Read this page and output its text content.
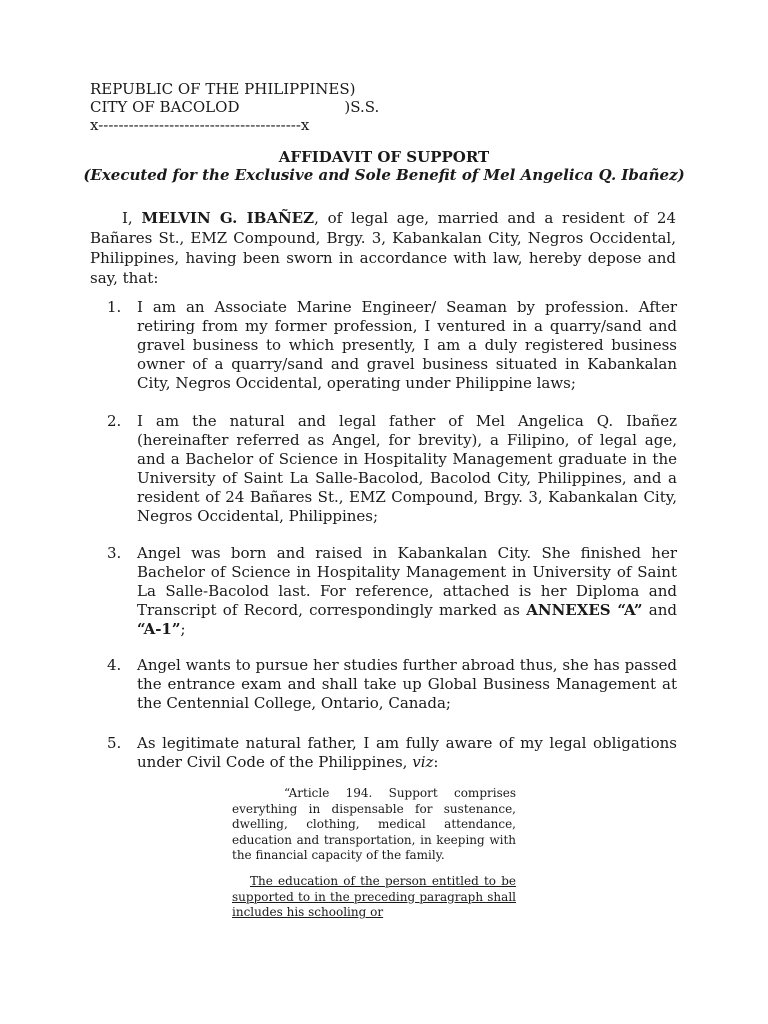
REPUBLIC OF THE PHILIPPINES)
CITY OF BACOLOD                      )S.S.
x----------------------------------------x
AFFIDAVIT OF SUPPORT
(Executed for the Exclusive and Sole Benefit of Mel Angelica Q. Ibañez)

I, MELVIN G. IBAÑEZ, of legal age, married and a resident of 24 Bañares St., EMZ Compound, Brgy. 3, Kabankalan City, Negros Occidental, Philippines, having been sworn in accordance with law, hereby depose and say, that:

1. I am an Associate Marine Engineer/ Seaman by profession. After retiring from my former profession, I ventured in a quarry/sand and gravel business to which presently, I am a duly registered business owner of a quarry/sand and gravel business situated in Kabankalan City, Negros Occidental, operating under Philippine laws;
2. I am the natural and legal father of Mel Angelica Q. Ibañez (hereinafter referred as Angel, for brevity), a Filipino, of legal age, and a Bachelor of Science in Hospitality Management graduate in the University of Saint La Salle-Bacolod, Bacolod City, Philippines, and a resident of 24 Bañares St., EMZ Compound, Brgy. 3, Kabankalan City, Negros Occidental, Philippines;
3. Angel was born and raised in Kabankalan City. She finished her Bachelor of Science in Hospitality Management in University of Saint La Salle-Bacolod last. For reference, attached is her Diploma and Transcript of Record, correspondingly marked as ANNEXES “A” and “A-1”;
4. Angel wants to pursue her studies further abroad thus, she has passed the entrance exam and shall take up Global Business Management at the Centennial College, Ontario, Canada;
5. As legitimate natural father, I am fully aware of my legal obligations under Civil Code of the Philippines, viz:
“Article 194. Support comprises everything in dispensable for sustenance, dwelling, clothing, medical attendance, education and transportation, in keeping with the financial capacity of the family.
The education of the person entitled to be supported to in the preceding paragraph shall includes his schooling or
